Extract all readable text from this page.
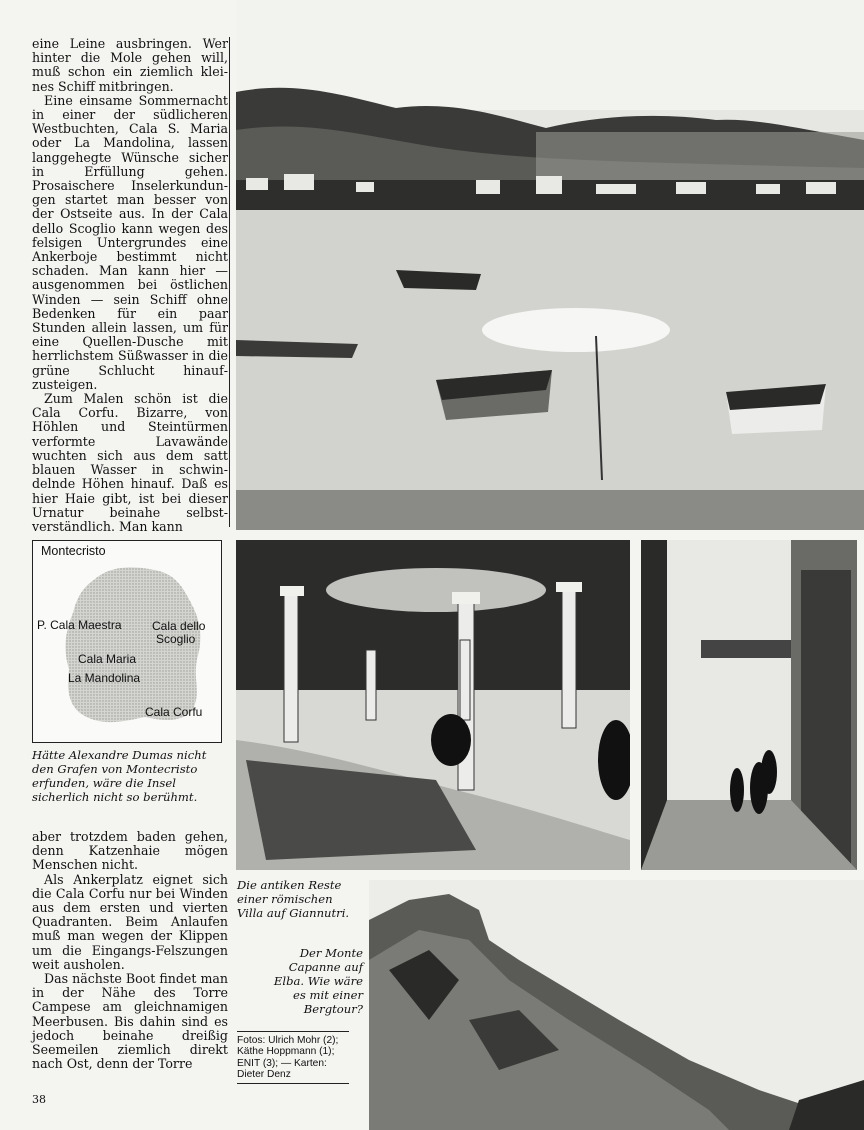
eine Leine ausbringen. Wer hinter die Mole gehen will, muß schon ein ziemlich kleines Schiff mitbringen.

Eine einsame Sommernacht in einer der südlicheren Westbuchten, Cala S. Maria oder La Mandolina, lassen langgehegte Wünsche sicher in Erfüllung gehen. Prosaischere Inselerkundungen startet man besser von der Ostseite aus. In der Cala dello Scoglio kann wegen des felsigen Untergrundes eine Ankerboje bestimmt nicht schaden. Man kann hier — ausgenommen bei östlichen Winden — sein Schiff ohne Bedenken für ein paar Stunden allein lassen, um für eine Quellen-Dusche mit herrlichstem Süßwasser in die grüne Schlucht hinaufzusteigen.

Zum Malen schön ist die Cala Corfu. Bizarre, von Höhlen und Steintürmen verformte Lavawände wuchten sich aus dem satt blauen Wasser in schwindelnde Höhen hinauf. Daß es hier Haie gibt, ist bei dieser Urnatur beinahe selbstverständlich. Man kann

Montecristo
P. Cala Maestra	Cala dello
Scoglio
Cala Maria
La Mandolina
Cala Corfu
Hätte Alexandre Dumas nicht den Grafen von Montecristo erfunden, wäre die Insel sicherlich nicht so berühmt.

aber trotzdem baden gehen, denn Katzenhaie mögen Menschen nicht.

Als Ankerplatz eignet sich die Cala Corfu nur bei Winden aus dem ersten und vierten Quadranten. Beim Anlaufen muß man wegen der Klippen um die Eingangs-Felszungen weit ausholen.

Das nächste Boot findet man in der Nähe des Torre Campese am gleichnamigen Meerbusen. Bis dahin sind es jedoch beinahe dreißig Seemeilen ziemlich direkt nach Ost, denn der Torre

Die antiken Reste einer römischen Villa auf Giannutri.
Der Monte Capanne auf Elba. Wie wäre es mit einer Bergtour?
Fotos: Ulrich Mohr (2); Käthe Hoppmann (1); ENIT (3); — Karten: Dieter Denz
38
